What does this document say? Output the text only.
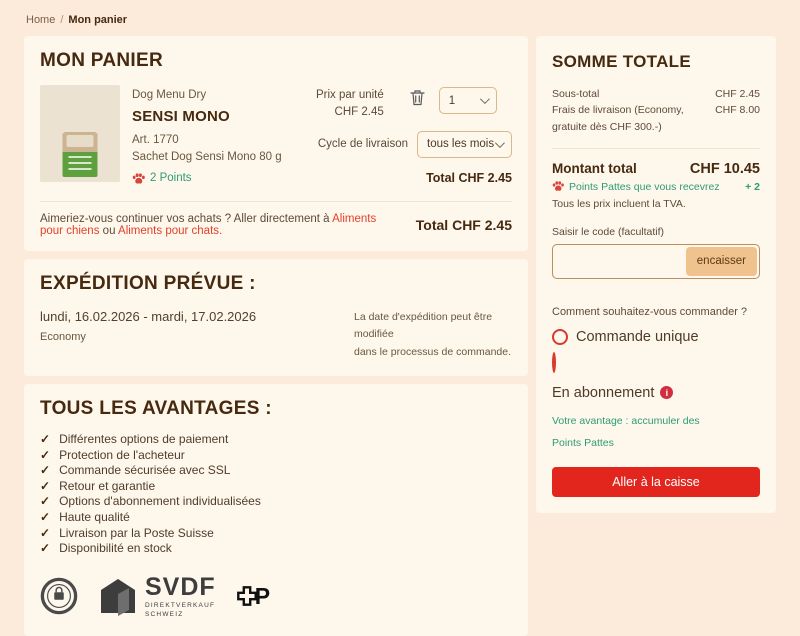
Home / Mon panier
MON PANIER
Dog Menu Dry
SENSI MONO
Art. 1770
Sachet Dog Sensi Mono 80 g
2 Points
Prix par unité
CHF 2.45
1
Cycle de livraison tous les mois
Total CHF 2.45
Aimeriez-vous continuer vos achats ? Aller directement à Aliments pour chiens ou Aliments pour chats.	Total CHF 2.45
EXPÉDITION PRÉVUE :
lundi, 16.02.2026 - mardi, 17.02.2026
Economy
La date d'expédition peut être modifiée
dans le processus de commande.
TOUS LES AVANTAGES :
✓ Différentes options de paiement
✓ Protection de l'acheteur
✓ Commande sécurisée avec SSL
✓ Retour et garantie
✓ Options d'abonnement individualisées
✓ Haute qualité
✓ Livraison par la Poste Suisse
✓ Disponibilité en stock
SVDF
DIREKTVERKAUF
SCHWEIZ
P
SOMME TOTALE
Sous-total	CHF 2.45
Frais de livraison (Economy, gratuite dès CHF 300.-)
CHF 8.00
Montant total	CHF 10.45
Points Pattes que vous recevrez + 2
Tous les prix incluent la TVA.
Saisir le code (facultatif)
encaisser
Comment souhaitez-vous commander ?
Commande unique
En abonnement	i
Votre avantage : accumuler des
Points Pattes
Aller à la caisse
